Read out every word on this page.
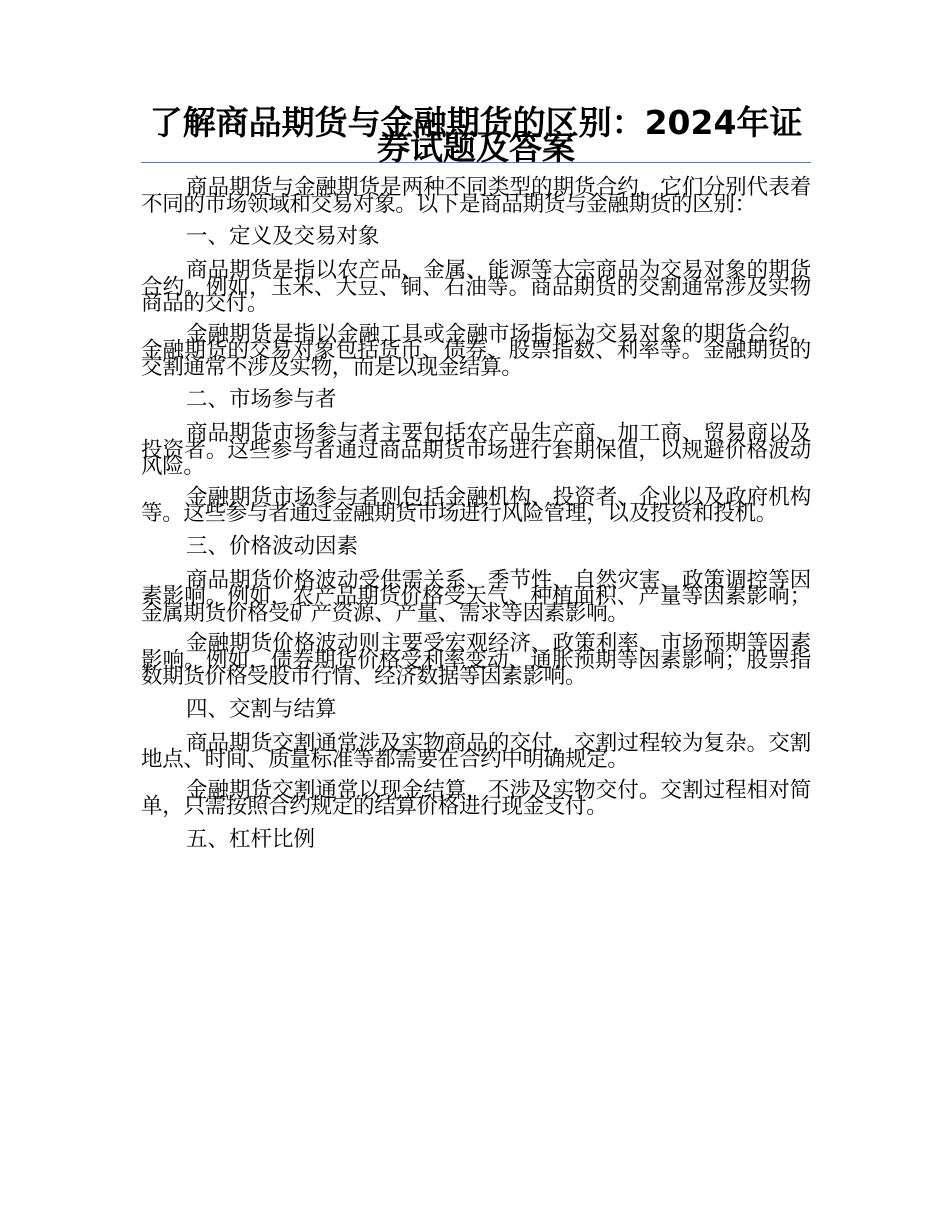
了解商品期货与金融期货的区别：2024年证券试题及答案

商品期货与金融期货是两种不同类型的期货合约，它们分别代表着不同的市场领域和交易对象。以下是商品期货与金融期货的区别：

一、定义及交易对象

商品期货是指以农产品、金属、能源等大宗商品为交易对象的期货合约。例如，玉米、大豆、铜、石油等。商品期货的交割通常涉及实物商品的交付。

金融期货是指以金融工具或金融市场指标为交易对象的期货合约。金融期货的交易对象包括货币、债券、股票指数、利率等。金融期货的交割通常不涉及实物，而是以现金结算。

二、市场参与者

商品期货市场参与者主要包括农产品生产商、加工商、贸易商以及投资者。这些参与者通过商品期货市场进行套期保值，以规避价格波动风险。

金融期货市场参与者则包括金融机构、投资者、企业以及政府机构等。这些参与者通过金融期货市场进行风险管理，以及投资和投机。

三、价格波动因素

商品期货价格波动受供需关系、季节性、自然灾害、政策调控等因素影响。例如，农产品期货价格受天气、种植面积、产量等因素影响；金属期货价格受矿产资源、产量、需求等因素影响。

金融期货价格波动则主要受宏观经济、政策利率、市场预期等因素影响。例如，债券期货价格受利率变动、通胀预期等因素影响；股票指数期货价格受股市行情、经济数据等因素影响。

四、交割与结算

商品期货交割通常涉及实物商品的交付，交割过程较为复杂。交割地点、时间、质量标准等都需要在合约中明确规定。

金融期货交割通常以现金结算，不涉及实物交付。交割过程相对简单，只需按照合约规定的结算价格进行现金支付。

五、杠杆比例
